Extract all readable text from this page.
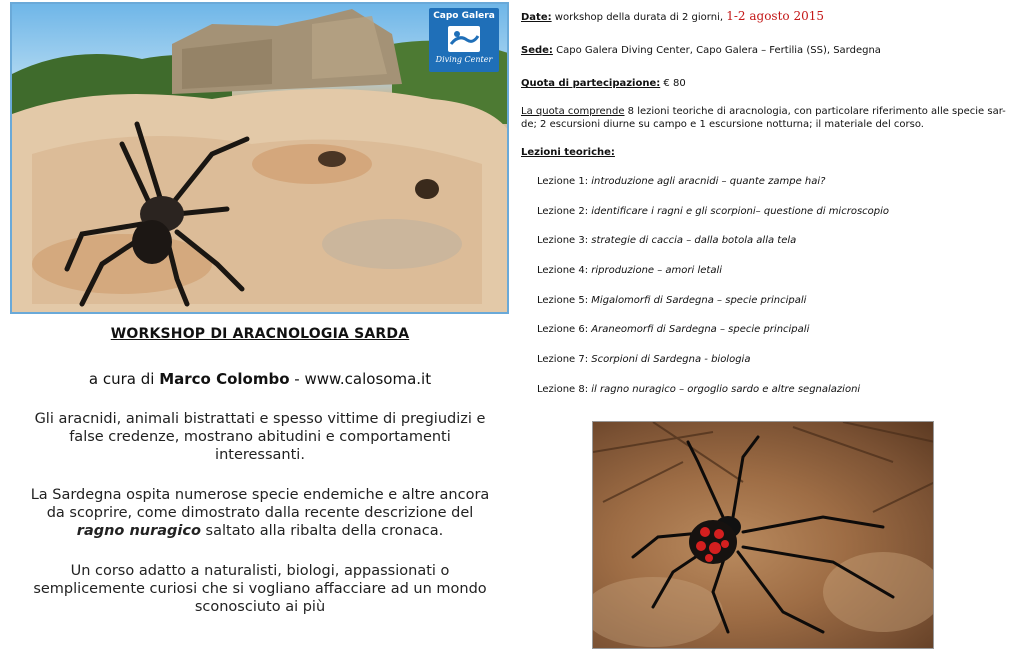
Capo Galera
Diving Center
WORKSHOP DI ARACNOLOGIA SARDA
a cura di Marco Colombo - www.calosoma.it

Gli aracnidi, animali bistrattati e spesso vittime di pregiudizi e false credenze, mostrano abitudini e comportamenti interessanti.

La Sardegna ospita numerose specie endemiche e altre ancora da scoprire, come dimostrato dalla recente descrizione del ragno nuragico saltato alla ribalta della cronaca.

Un corso adatto a naturalisti, biologi, appassionati o semplicemente curiosi che si vogliano affacciare ad un mondo sconosciuto ai più

Date: workshop della durata di 2 giorni, 1-2 agosto 2015
Sede: Capo Galera Diving Center, Capo Galera – Fertilia (SS), Sardegna
Quota di partecipazione: € 80
La quota comprende 8 lezioni teoriche di aracnologia, con particolare riferimento alle specie sar-de; 2 escursioni diurne su campo e 1 escursione notturna; il materiale del corso.
Lezioni teoriche:
Lezione 1: introduzione agli aracnidi – quante zampe hai?
Lezione 2: identificare i ragni e gli scorpioni– questione di microscopio
Lezione 3: strategie di caccia – dalla botola alla tela
Lezione 4: riproduzione – amori letali
Lezione 5: Migalomorfi di Sardegna – specie principali
Lezione 6: Araneomorfi di Sardegna – specie principali
Lezione 7: Scorpioni di Sardegna - biologia
Lezione 8: il ragno nuragico – orgoglio sardo e altre segnalazioni
